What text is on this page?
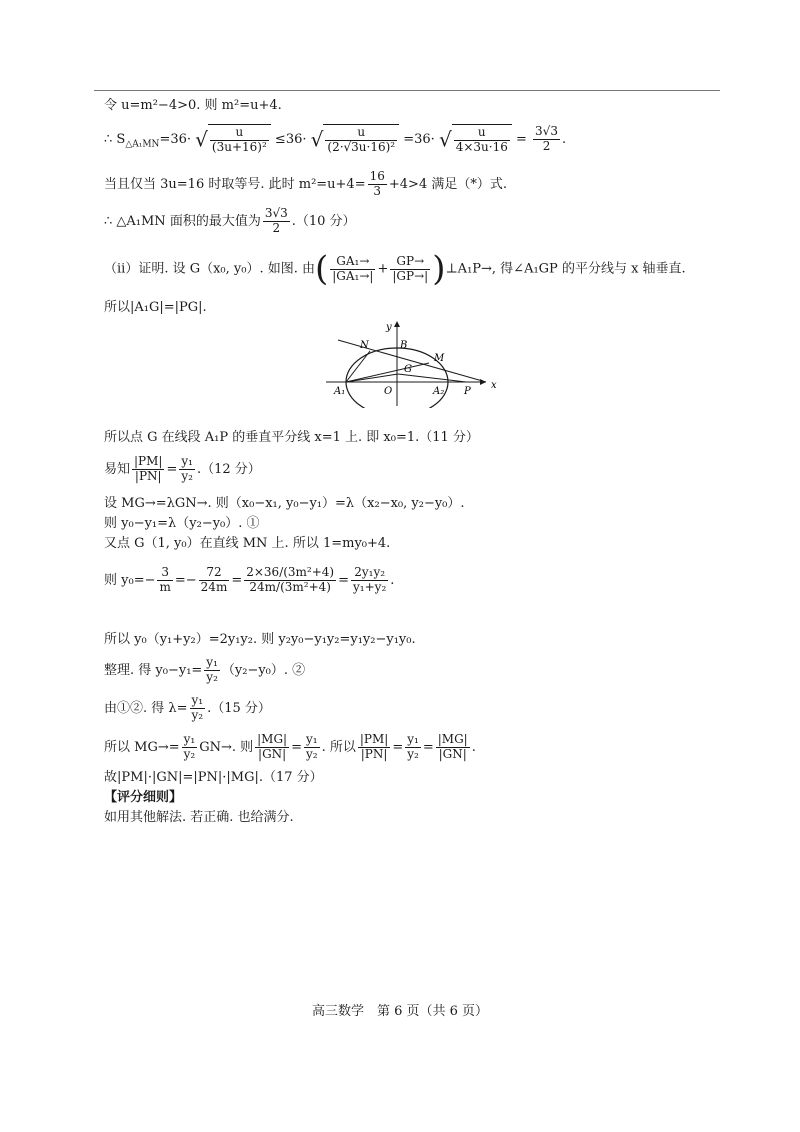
令 u=m²−4>0. 则 m²=u+4.
∴ $S_{\triangle A_1MN}=36\cdot$ √ $\frac{u}{\text{(3u+16)²}} \le 36\cdot$ √ $\frac{u}{\text{(2·√3u·16)²}} =36\cdot$ √ $\frac{u}{4\times 3u\cdot 16} = \frac{3√3}{2}$ .
当且仅当 3u=16 时取等号. 此时 $m^2=u+4= \frac{16}{3} +4>4$ 满足（*）式.
∴ △A₁MN 面积的最大值为 $\frac{3√3}{2} .(10$ 分）
（ii）证明. 设 G（x₀, y₀）. 如图. 由( $\frac{\text{GA₁→}}{\text{|GA₁→|}} + \frac{GP\to}{|GP\to|}$ )⊥A₁P→, 得∠A₁GP 的平分线与 x 轴垂直.
所以|A₁G|=|PG|.
y
x
N	B
M
G
A₁	O	A₂ P
所以点 G 在线段 A₁P 的垂直平分线 x=1 上. 即 x₀=1.（11 分）
易知 $\frac{|PM|}{|PN|} = \frac{\text{y₁}}{\text{y₂}} .(12$ 分）
设 MG→=λGN→. 则（x₀−x₁, y₀−y₁）=λ（x₂−x₀, y₂−y₀）.
则 y₀−y₁=λ（y₂−y₀）. ①
又点 G（1, y₀）在直线 MN 上. 所以 1=my₀+4.
则 $y_0=- \frac{3}{m} =- \frac{72}{24m} = \frac{\text{2×36/(3m²+4)}}{\text{24m/(3m²+4)}} = \frac{\text{2y₁y₂}}{\text{y₁+y₂}}$ .
所以 y₀（y₁+y₂）=2y₁y₂. 则 y₂y₀−y₁y₂=y₁y₂−y₁y₀.
整理. 得 $y_0-y_1= \frac{\text{y₁}}{\text{y₂}} (y_2-y_0)$. ②
由①②. 得 $\lambda= \frac{\text{y₁}}{\text{y₂}} .(15$ 分）
所以 $MG\to= \frac{\text{y₁}}{\text{y₂}} GN\to$. 则 $\frac{|MG|}{|GN|} = \frac{\text{y₁}}{\text{y₂}}$ . 所以 $\frac{|PM|}{|PN|} = \frac{\text{y₁}}{\text{y₂}} = \frac{|MG|}{|GN|}$ .
故|PM|·|GN|=|PN|·|MG|.（17 分）
【评分细则】
如用其他解法. 若正确. 也给满分.
高三数学　第 6 页（共 6 页）
